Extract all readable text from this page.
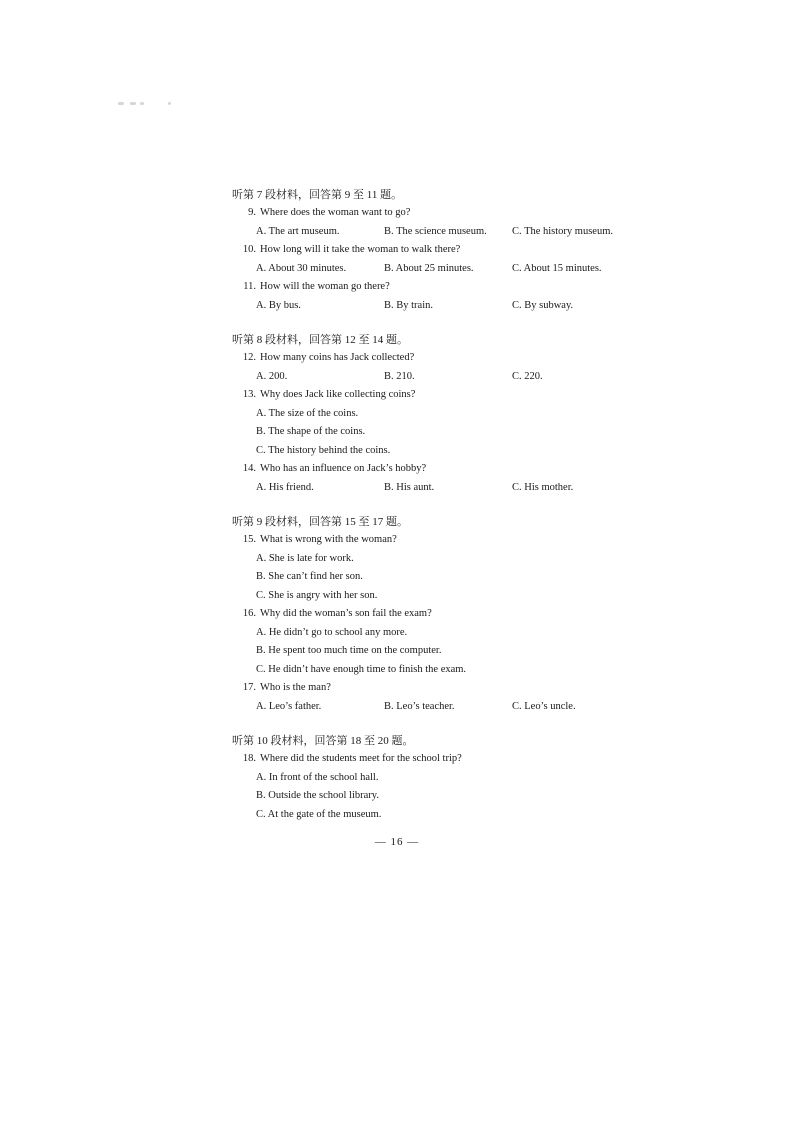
听第 7 段材料，回答第 9 至 11 题。
9. Where does the woman want to go?
A. The art museum.	B. The science museum. C. The history museum.
10. How long will it take the woman to walk there?
A. About 30 minutes.	B. About 25 minutes.	C. About 15 minutes.
11. How will the woman go there?
A. By bus.	B. By train.	C. By subway.
听第 8 段材料，回答第 12 至 14 题。
12. How many coins has Jack collected?
A. 200.	B. 210.	C. 220.
13. Why does Jack like collecting coins?
A. The size of the coins.
B. The shape of the coins.
C. The history behind the coins.
14. Who has an influence on Jack’s hobby?
A. His friend.	B. His aunt.	C. His mother.
听第 9 段材料，回答第 15 至 17 题。
15. What is wrong with the woman?
A. She is late for work.
B. She can’t find her son.
C. She is angry with her son.
16. Why did the woman’s son fail the exam?
A. He didn’t go to school any more.
B. He spent too much time on the computer.
C. He didn’t have enough time to finish the exam.
17. Who is the man?
A. Leo’s father.	B. Leo’s teacher.	C. Leo’s uncle.
听第 10 段材料，回答第 18 至 20 题。
18. Where did the students meet for the school trip?
A. In front of the school hall.
B. Outside the school library.
C. At the gate of the museum.
— 16 —
